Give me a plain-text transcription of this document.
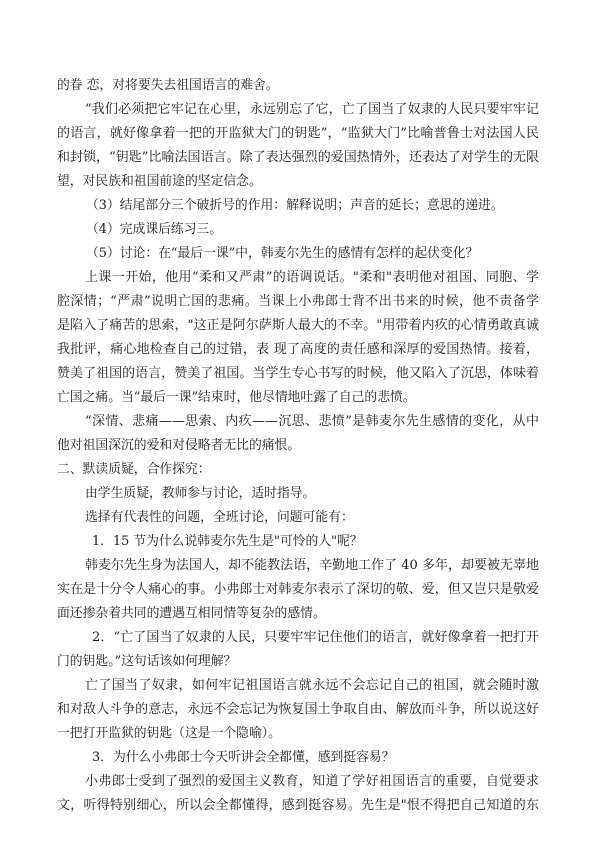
的眷 恋，对将要失去祖国语言的难舍。
“我们必须把它牢记在心里，永远别忘了它，亡了国当了奴隶的人民只要牢牢记
的语言，就好像拿着一把的开监狱大门的钥匙”，“监狱大门”比喻普鲁士对法国人民
和封锁，“钥匙”比喻法国语言。除了表达强烈的爱国热情外，还表达了对学生的无限
望，对民族和祖国前途的坚定信念。
（3）结尾部分三个破折号的作用：解释说明；声音的延长；意思的递进。
（4）完成课后练习三。
（5）讨论：在“最后一课”中，韩麦尔先生的感情有怎样的起伏变化？
上课一开始，他用“柔和又严肃”的语调说话。"柔和"表明他对祖国、同胞、学
腔深情；“严肃”说明亡国的悲痛。当课上小弗郎士背不出书来的时候，他不责备学
是陷入了痛苦的思索，"这正是阿尔萨斯人最大的不幸。"用带着内疚的心情勇敢真诚
我批评，痛心地检查自己的过错，表 现了高度的责任感和深厚的爱国热情。接着，
赞美了祖国的语言，赞美了祖国。当学生专心书写的时候，他又陷入了沉思，体味着
亡国之痛。当“最后一课”结束时，他尽情地吐露了自己的悲愤。
“深情、悲痛——思索、内疚——沉思、悲愤”是韩麦尔先生感情的变化，从中
他对祖国深沉的爱和对侵略者无比的痛恨。
二、默读质疑，合作探究：
由学生质疑，教师参与讨论，适时指导。
选择有代表性的问题，全班讨论，问题可能有：
1．15 节为什么说韩麦尔先生是"可怜的人"呢？
韩麦尔先生身为法国人，却不能教法语，辛勤地工作了 40 多年，却要被无辜地
实在是十分令人痛心的事。小弗郎士对韩麦尔表示了深切的敬、爱，但又岂只是敬爱
面还掺杂着共同的遭遇互相同情等复杂的感情。
2．“亡了国当了奴隶的人民，只要牢牢记住他们的语言，就好像拿着一把打开
门的钥匙。”这句话该如何理解？
亡了国当了奴隶，如何牢记祖国语言就永远不会忘记自己的祖国，就会随时激
和对敌人斗争的意志，永远不会忘记为恢复国土争取自由、解放而斗争，所以说这好
一把打开监狱的钥匙（这是一个隐喻）。
3．为什么小弗郎士今天听讲会全都懂，感到挺容易？
小弗郎士受到了强烈的爱国主义教育，知道了学好祖国语言的重要，自觉要求
文，听得特别细心，所以会全都懂得，感到挺容易。先生是"恨不得把自己知道的东
